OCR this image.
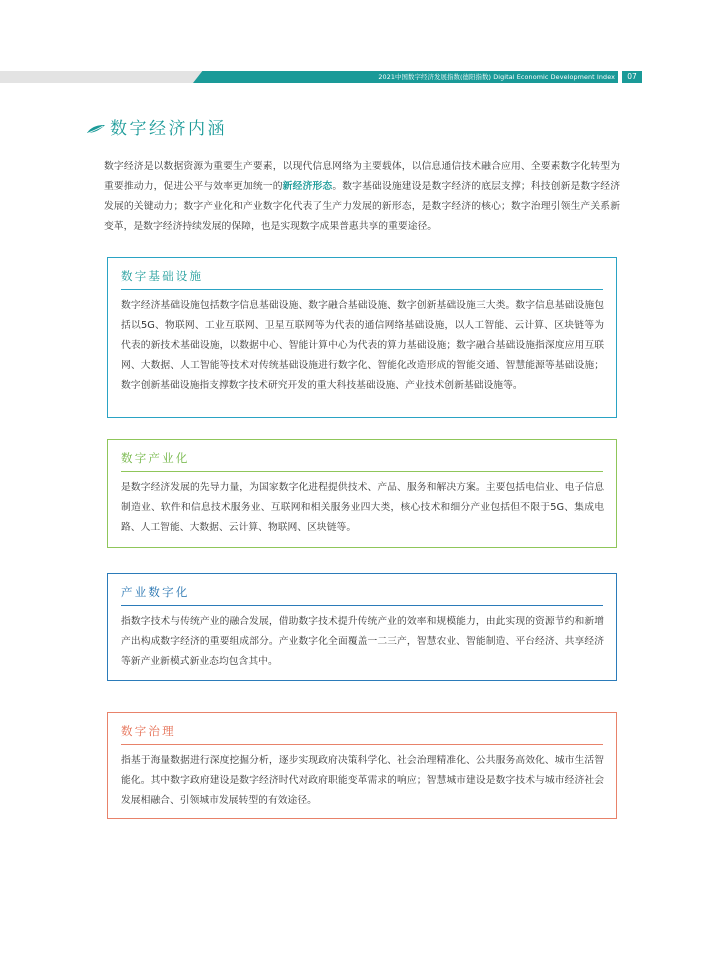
2021中国数字经济发展指数(德阳指数) Digital Economic Development Index	07
数字经济内涵

数字经济是以数据资源为重要生产要素，以现代信息网络为主要载体，以信息通信技术融合应用、全要素数字化转型为重要推动力，促进公平与效率更加统一的新经济形态。数字基础设施建设是数字经济的底层支撑；科技创新是数字经济发展的关键动力；数字产业化和产业数字化代表了生产力发展的新形态，是数字经济的核心；数字治理引领生产关系新变革，是数字经济持续发展的保障，也是实现数字成果普惠共享的重要途径。

数字基础设施

数字经济基础设施包括数字信息基础设施、数字融合基础设施、数字创新基础设施三大类。数字信息基础设施包括以5G、物联网、工业互联网、卫星互联网等为代表的通信网络基础设施，以人工智能、云计算、区块链等为代表的新技术基础设施，以数据中心、智能计算中心为代表的算力基础设施；数字融合基础设施指深度应用互联网、大数据、人工智能等技术对传统基础设施进行数字化、智能化改造形成的智能交通、智慧能源等基础设施；数字创新基础设施指支撑数字技术研究开发的重大科技基础设施、产业技术创新基础设施等。

数字产业化

是数字经济发展的先导力量，为国家数字化进程提供技术、产品、服务和解决方案。主要包括电信业、电子信息制造业、软件和信息技术服务业、互联网和相关服务业四大类，核心技术和细分产业包括但不限于5G、集成电路、人工智能、大数据、云计算、物联网、区块链等。

产业数字化

指数字技术与传统产业的融合发展，借助数字技术提升传统产业的效率和规模能力，由此实现的资源节约和新增产出构成数字经济的重要组成部分。产业数字化全面覆盖一二三产，智慧农业、智能制造、平台经济、共享经济等新产业新模式新业态均包含其中。

数字治理

指基于海量数据进行深度挖掘分析，逐步实现政府决策科学化、社会治理精准化、公共服务高效化、城市生活智能化。其中数字政府建设是数字经济时代对政府职能变革需求的响应；智慧城市建设是数字技术与城市经济社会发展相融合、引领城市发展转型的有效途径。
